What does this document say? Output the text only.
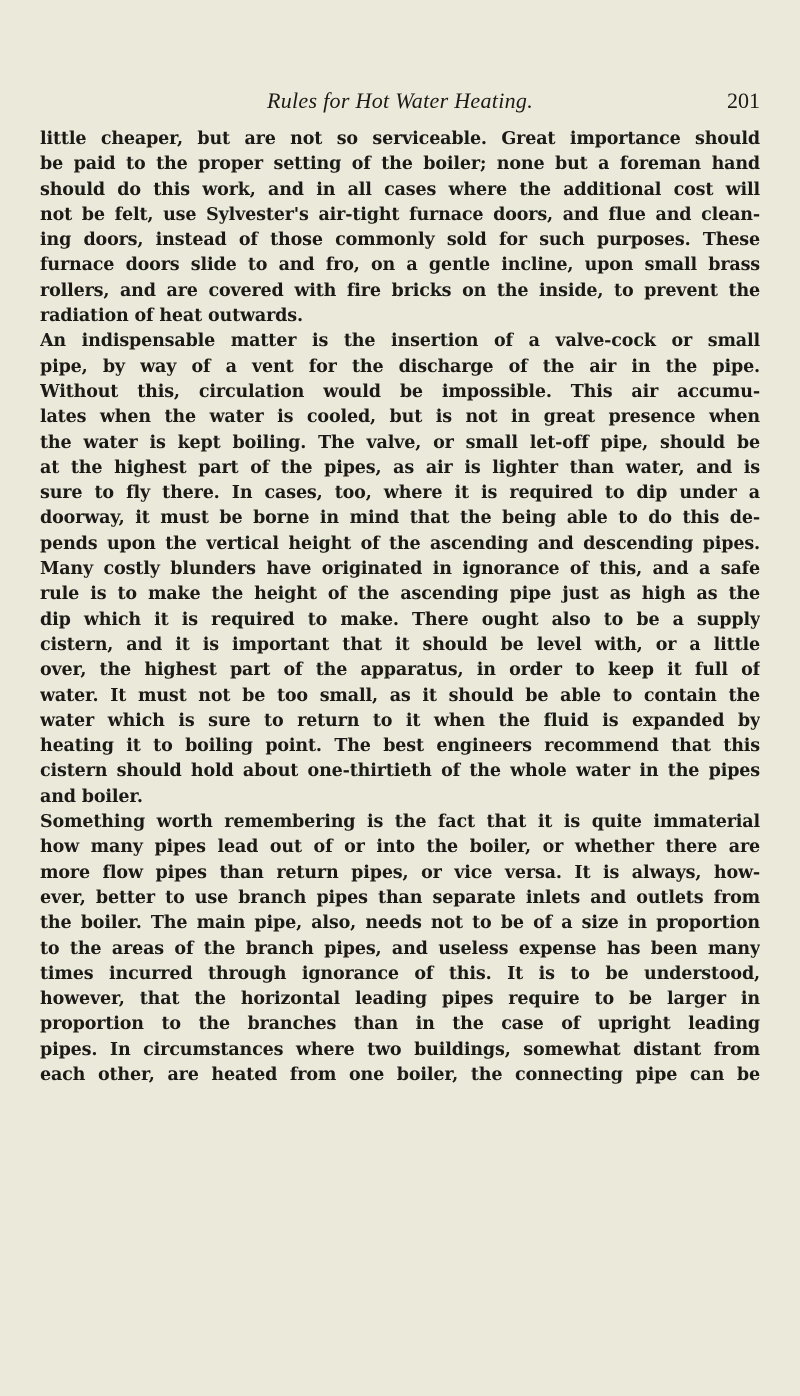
Rules for Hot Water Heating.	201
little cheaper, but are not so serviceable. Great importance should
be paid to the proper setting of the boiler; none but a foreman hand
should do this work, and in all cases where the additional cost will
not be felt, use Sylvester's air-tight furnace doors, and flue and clean-
ing doors, instead of those commonly sold for such purposes. These
furnace doors slide to and fro, on a gentle incline, upon small brass
rollers, and are covered with fire bricks on the inside, to prevent the
radiation of heat outwards.
An indispensable matter is the insertion of a valve-cock or small
pipe, by way of a vent for the discharge of the air in the pipe.
Without this, circulation would be impossible. This air accumu-
lates when the water is cooled, but is not in great presence when
the water is kept boiling. The valve, or small let-off pipe, should be
at the highest part of the pipes, as air is lighter than water, and is
sure to fly there. In cases, too, where it is required to dip under a
doorway, it must be borne in mind that the being able to do this de-
pends upon the vertical height of the ascending and descending pipes.
Many costly blunders have originated in ignorance of this, and a safe
rule is to make the height of the ascending pipe just as high as the
dip which it is required to make. There ought also to be a supply
cistern, and it is important that it should be level with, or a little
over, the highest part of the apparatus, in order to keep it full of
water. It must not be too small, as it should be able to contain the
water which is sure to return to it when the fluid is expanded by
heating it to boiling point. The best engineers recommend that this
cistern should hold about one-thirtieth of the whole water in the pipes
and boiler.
Something worth remembering is the fact that it is quite immaterial
how many pipes lead out of or into the boiler, or whether there are
more flow pipes than return pipes, or vice versa. It is always, how-
ever, better to use branch pipes than separate inlets and outlets from
the boiler. The main pipe, also, needs not to be of a size in proportion
to the areas of the branch pipes, and useless expense has been many
times incurred through ignorance of this. It is to be understood,
however, that the horizontal leading pipes require to be larger in
proportion to the branches than in the case of upright leading
pipes. In circumstances where two buildings, somewhat distant from
each other, are heated from one boiler, the connecting pipe can be
